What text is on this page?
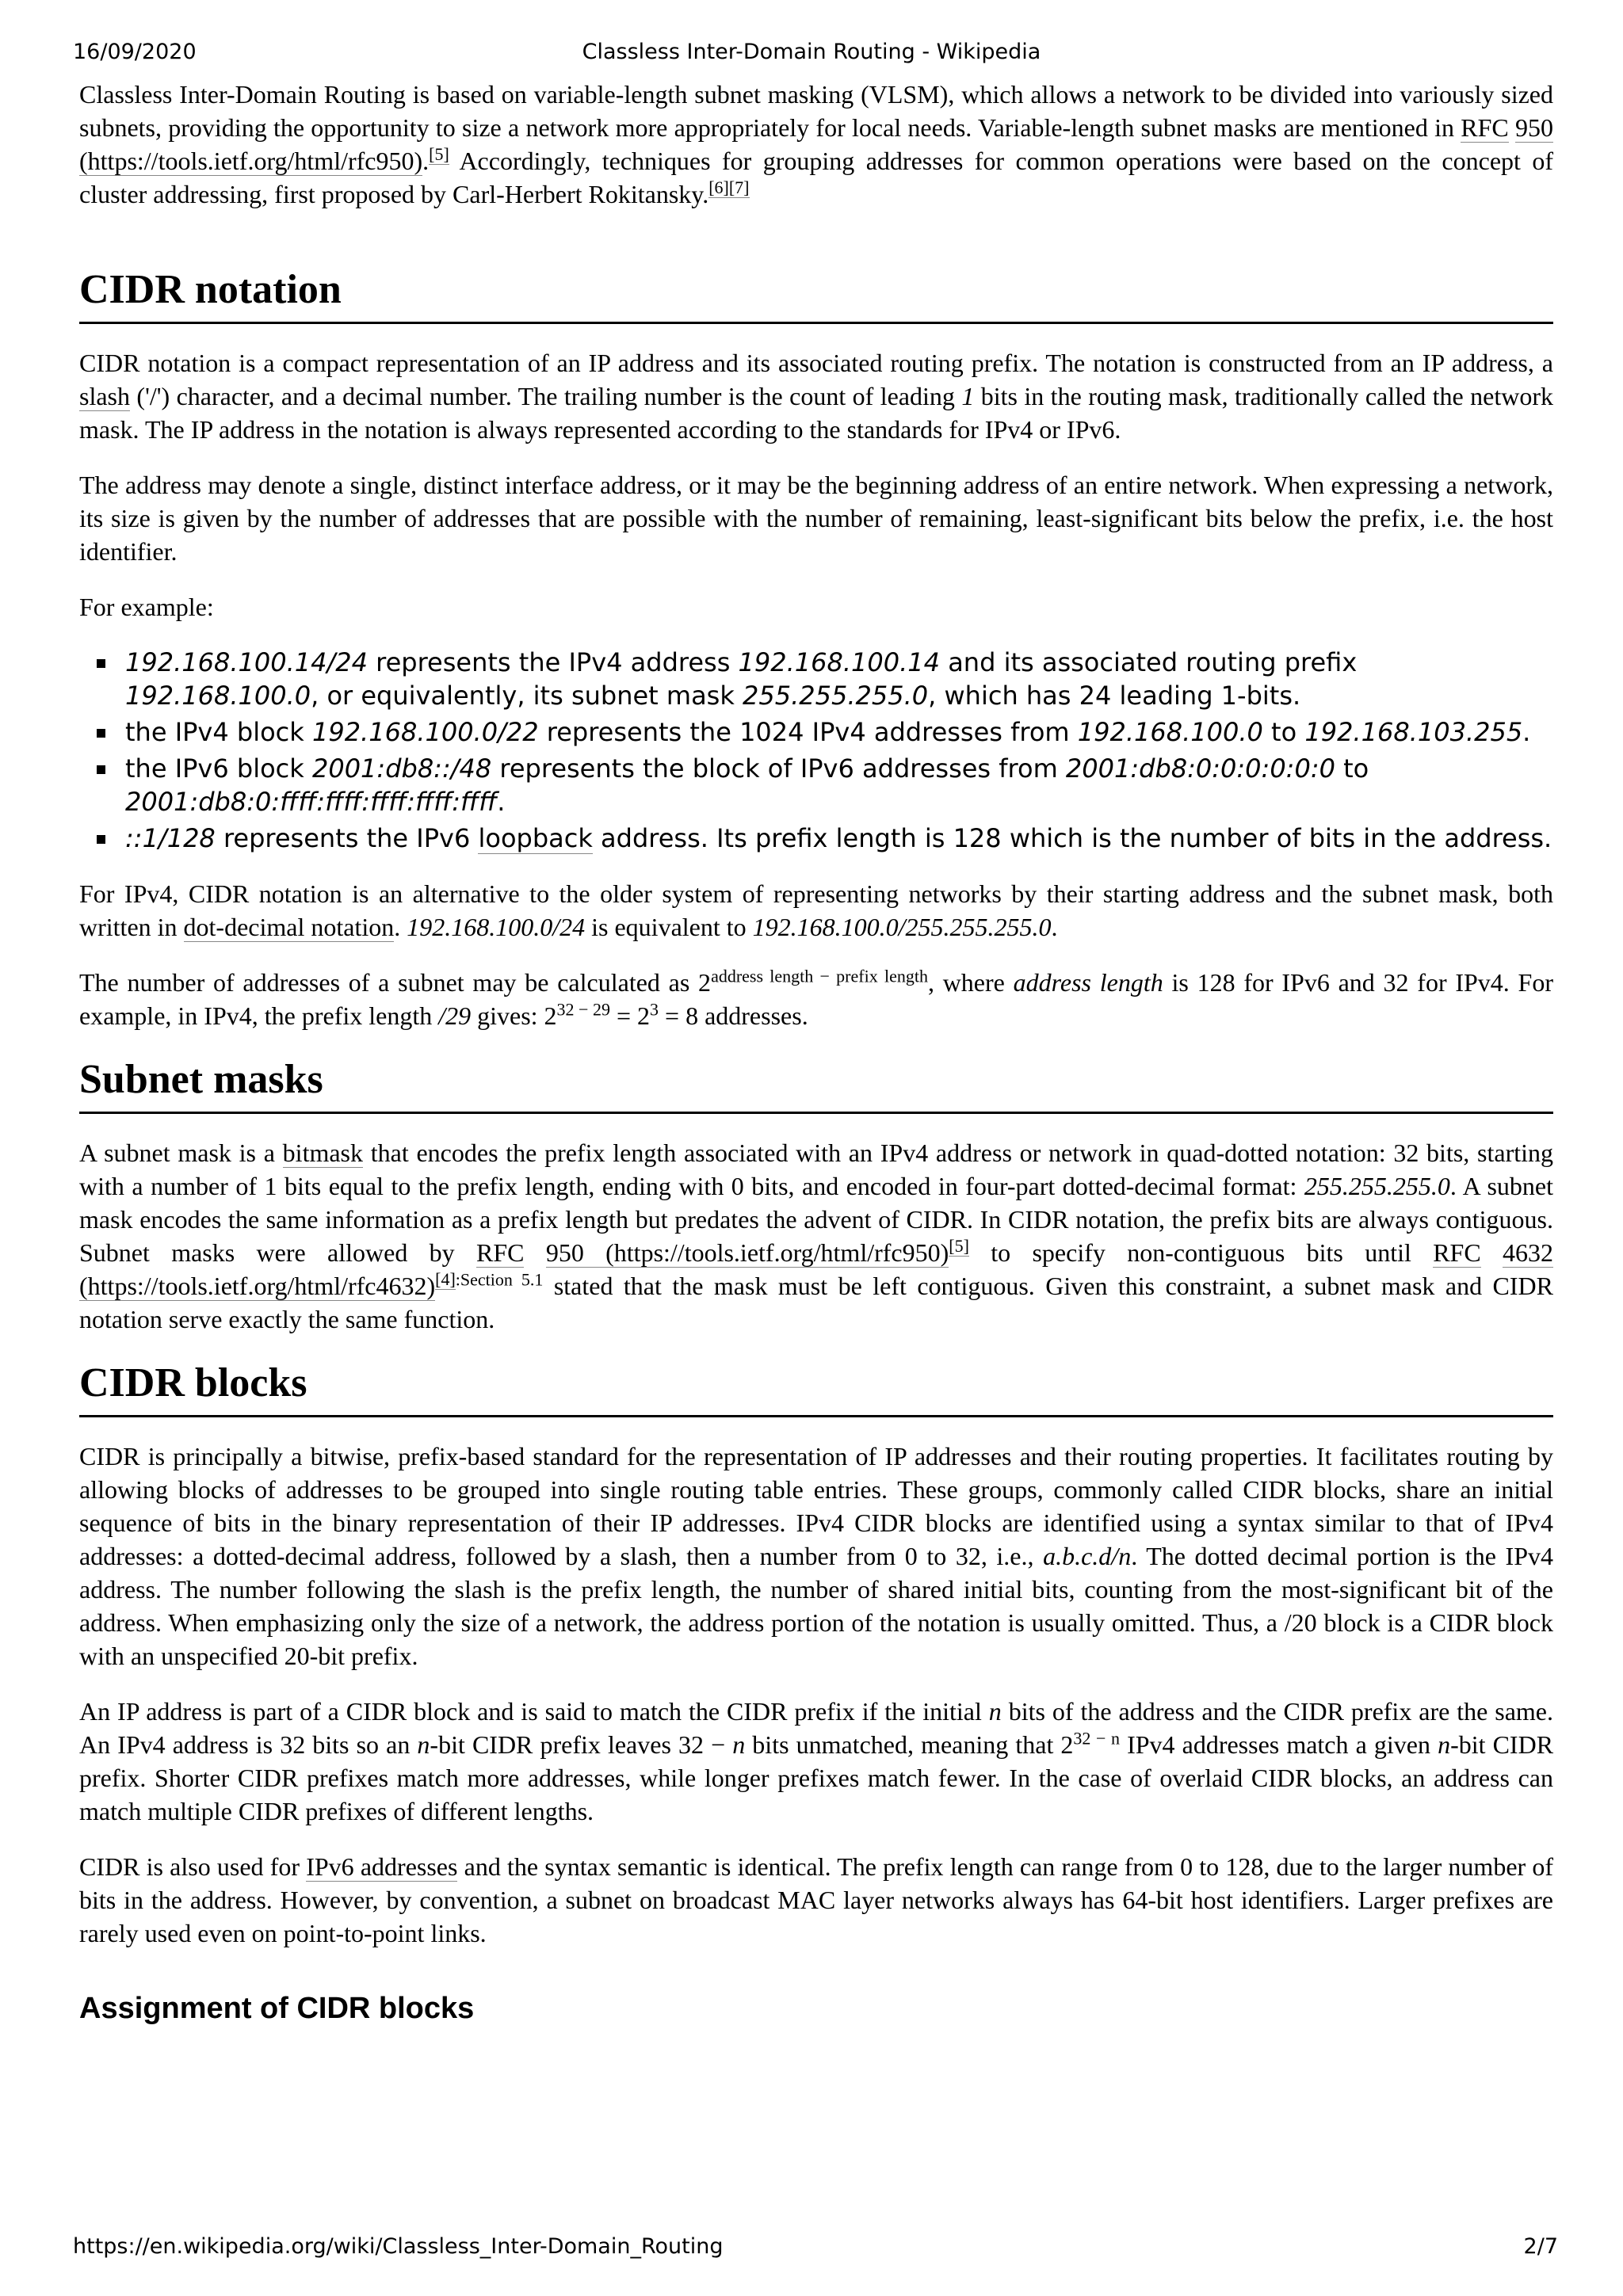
16/09/2020	Classless Inter-Domain Routing - Wikipedia

Classless Inter-Domain Routing is based on variable-length subnet masking (VLSM), which allows a network to be divided into variously sized subnets, providing the opportunity to size a network more appropriately for local needs. Variable-length subnet masks are mentioned in RFC 950 (https://tools.ietf.org/html/rfc950).[5] Accordingly, techniques for grouping addresses for common operations were based on the concept of cluster addressing, first proposed by Carl-Herbert Rokitansky.[6][7]

CIDR notation

CIDR notation is a compact representation of an IP address and its associated routing prefix. The notation is constructed from an IP address, a slash ('/') character, and a decimal number. The trailing number is the count of leading 1 bits in the routing mask, traditionally called the network mask. The IP address in the notation is always represented according to the standards for IPv4 or IPv6.

The address may denote a single, distinct interface address, or it may be the beginning address of an entire network. When expressing a network, its size is given by the number of addresses that are possible with the number of remaining, least-significant bits below the prefix, i.e. the host identifier.

For example:

192.168.100.14/24 represents the IPv4 address 192.168.100.14 and its associated routing prefix 192.168.100.0, or equivalently, its subnet mask 255.255.255.0, which has 24 leading 1-bits.
the IPv4 block 192.168.100.0/22 represents the 1024 IPv4 addresses from 192.168.100.0 to 192.168.103.255.
the IPv6 block 2001:db8::/48 represents the block of IPv6 addresses from 2001:db8:0:0:0:0:0:0 to 2001:db8:0:ffff:ffff:ffff:ffff:ffff.
::1/128 represents the IPv6 loopback address. Its prefix length is 128 which is the number of bits in the address.

For IPv4, CIDR notation is an alternative to the older system of representing networks by their starting address and the subnet mask, both written in dot-decimal notation. 192.168.100.0/24 is equivalent to 192.168.100.0/255.255.255.0.

The number of addresses of a subnet may be calculated as $2^{address length - prefix length}$, where address length is 128 for IPv6 and 32 for IPv4. For example, in IPv4, the prefix length /29 gives: $2^{32 - 29} = 2^3 = 8$ addresses.

Subnet masks

A subnet mask is a bitmask that encodes the prefix length associated with an IPv4 address or network in quad-dotted notation: 32 bits, starting with a number of 1 bits equal to the prefix length, ending with 0 bits, and encoded in four-part dotted-decimal format: 255.255.255.0. A subnet mask encodes the same information as a prefix length but predates the advent of CIDR. In CIDR notation, the prefix bits are always contiguous. Subnet masks were allowed by RFC 950 (https://tools.ietf.org/html/rfc950)[5] to specify non-contiguous bits until RFC 4632 (https://tools.ietf.org/html/rfc4632)$^{[4]:Section 5.1}$ stated that the mask must be left contiguous. Given this constraint, a subnet mask and CIDR notation serve exactly the same function.

CIDR blocks

CIDR is principally a bitwise, prefix-based standard for the representation of IP addresses and their routing properties. It facilitates routing by allowing blocks of addresses to be grouped into single routing table entries. These groups, commonly called CIDR blocks, share an initial sequence of bits in the binary representation of their IP addresses. IPv4 CIDR blocks are identified using a syntax similar to that of IPv4 addresses: a dotted-decimal address, followed by a slash, then a number from 0 to 32, i.e., a.b.c.d/n. The dotted decimal portion is the IPv4 address. The number following the slash is the prefix length, the number of shared initial bits, counting from the most-significant bit of the address. When emphasizing only the size of a network, the address portion of the notation is usually omitted. Thus, a /20 block is a CIDR block with an unspecified 20-bit prefix.

An IP address is part of a CIDR block and is said to match the CIDR prefix if the initial n bits of the address and the CIDR prefix are the same. An IPv4 address is 32 bits so an n-bit CIDR prefix leaves 32 − n bits unmatched, meaning that $2^{32 - n}$ IPv4 addresses match a given n-bit CIDR prefix. Shorter CIDR prefixes match more addresses, while longer prefixes match fewer. In the case of overlaid CIDR blocks, an address can match multiple CIDR prefixes of different lengths.

CIDR is also used for IPv6 addresses and the syntax semantic is identical. The prefix length can range from 0 to 128, due to the larger number of bits in the address. However, by convention, a subnet on broadcast MAC layer networks always has 64-bit host identifiers. Larger prefixes are rarely used even on point-to-point links.

Assignment of CIDR blocks
https://en.wikipedia.org/wiki/Classless_Inter-Domain_Routing	2/7
